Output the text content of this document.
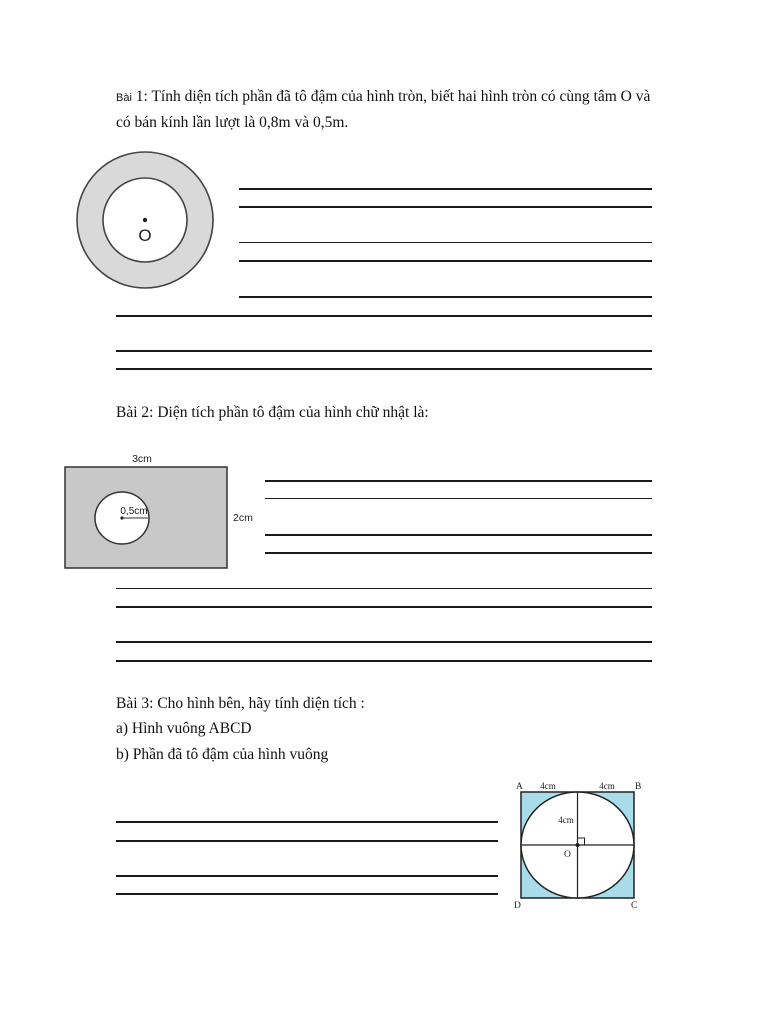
Bài 1: Tính diện tích phần đã tô đậm của hình tròn, biết hai hình tròn có cùng tâm O và
có bán kính lần lượt là 0,8m và 0,5m.
O
Bài 2: Diện tích phần tô đậm của hình chữ nhật là:
3cm
0,5cm
2cm
Bài 3: Cho hình bên, hãy tính diện tích :
a) Hình vuông ABCD
b) Phần đã tô đậm của hình vuông
A 4cm	4cm B
O
4cm
D	C
